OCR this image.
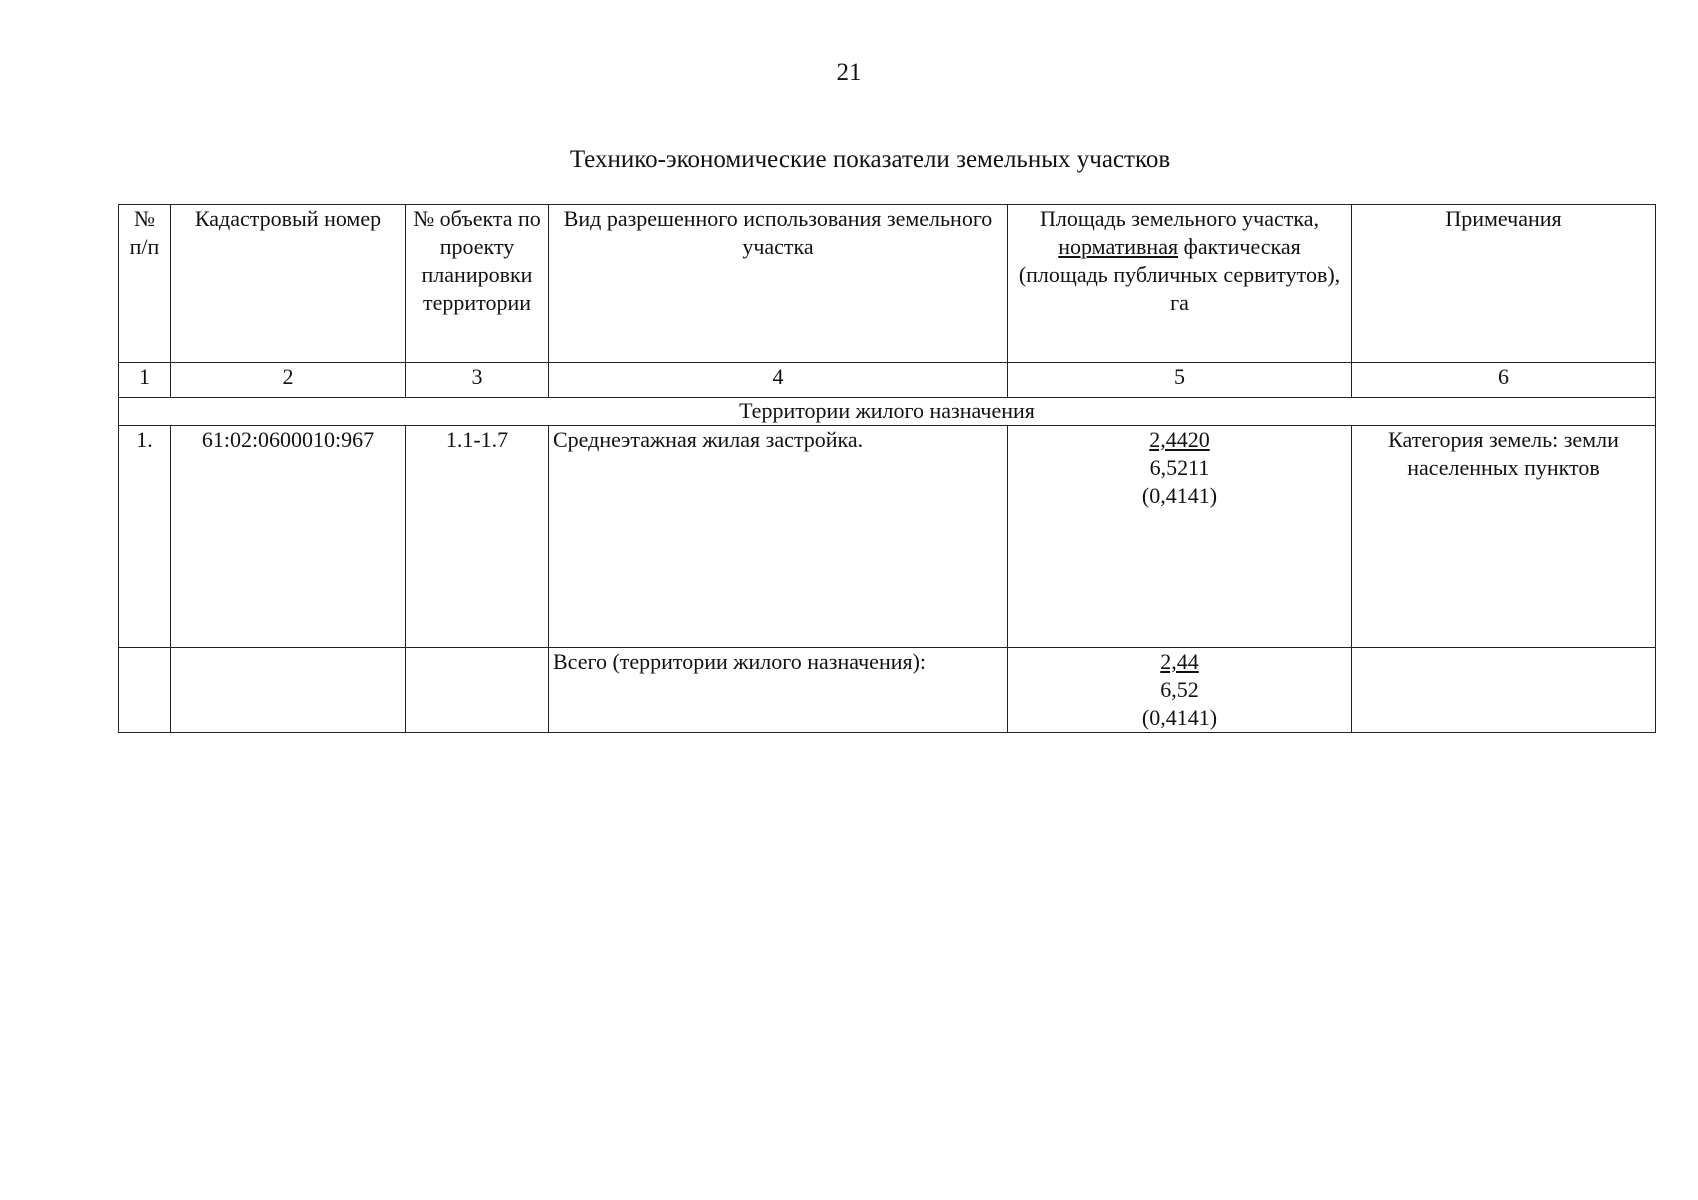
21
Технико-экономические показатели земельных участков
№ п/п	Кадастровый номер	№ объекта по проекту планировки территории	Вид разрешенного использования земельного участка	Площадь земельного участка,
нормативная фактическая (площадь публичных сервитутов),
га	Примечания
1	2	3	4	5	6
Территории жилого назначения					
1.	61:02:0600010:967	1.1-1.7	Среднеэтажная жилая застройка.	2,4420
6,5211
(0,4141)	Категория земель: земли населенных пунктов
			Всего (территории жилого назначения):	2,44
6,52
(0,4141)	
